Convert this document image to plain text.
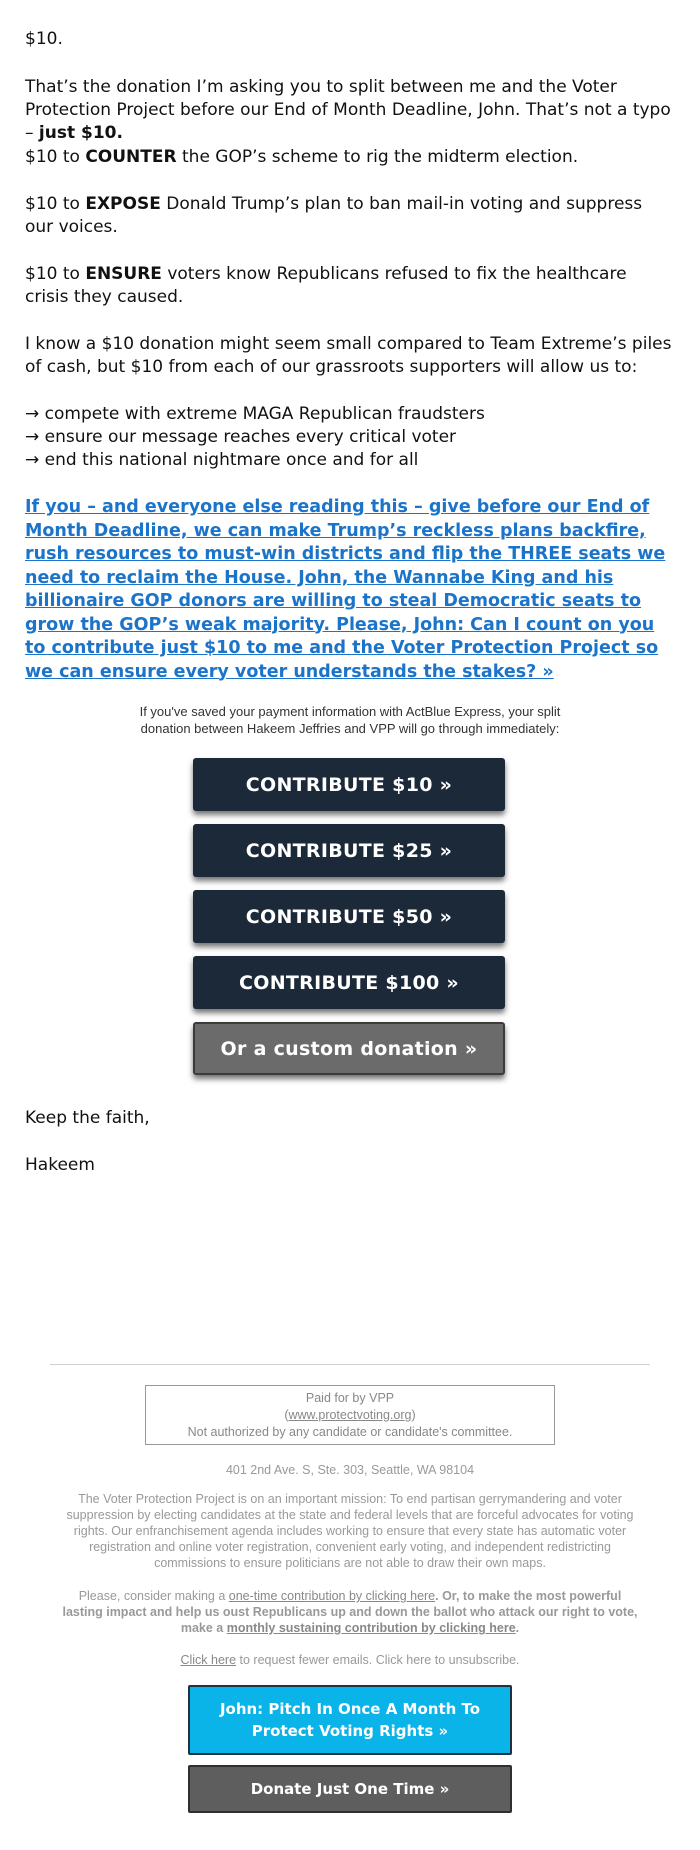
$10.

That’s the donation I’m asking you to split between me and the Voter Protection Project before our End of Month Deadline, John. That’s not a typo – just $10.

$10 to COUNTER the GOP’s scheme to rig the midterm election.

$10 to EXPOSE Donald Trump’s plan to ban mail-in voting and suppress our voices.

$10 to ENSURE voters know Republicans refused to fix the healthcare crisis they caused.

I know a $10 donation might seem small compared to Team Extreme’s piles of cash, but $10 from each of our grassroots supporters will allow us to:

→ compete with extreme MAGA Republican fraudsters
→ ensure our message reaches every critical voter
→ end this national nightmare once and for all
If you – and everyone else reading this – give before our End of Month Deadline, we can make Trump’s reckless plans backfire, rush resources to must-win districts and flip the THREE seats we need to reclaim the House. John, the Wannabe King and his billionaire GOP donors are willing to steal Democratic seats to grow the GOP’s weak majority. Please, John: Can I count on you to contribute just $10 to me and the Voter Protection Project so we can ensure every voter understands the stakes? »
If you've saved your payment information with ActBlue Express, your split donation between Hakeem Jeffries and VPP will go through immediately:
CONTRIBUTE $10 »
CONTRIBUTE $25 »
CONTRIBUTE $50 »
CONTRIBUTE $100 »
Or a custom donation »

Keep the faith,

Hakeem

Paid for by VPP
(www.protectvoting.org)
Not authorized by any candidate or candidate's committee.
401 2nd Ave. S, Ste. 303, Seattle, WA 98104
The Voter Protection Project is on an important mission: To end partisan gerrymandering and voter suppression by electing candidates at the state and federal levels that are forceful advocates for voting rights. Our enfranchisement agenda includes working to ensure that every state has automatic voter registration and online voter registration, convenient early voting, and independent redistricting commissions to ensure politicians are not able to draw their own maps.
Please, consider making a one-time contribution by clicking here. Or, to make the most powerful lasting impact and help us oust Republicans up and down the ballot who attack our right to vote, make a monthly sustaining contribution by clicking here.
Click here to request fewer emails. Click here to unsubscribe.
John: Pitch In Once A Month To Protect Voting Rights »
Donate Just One Time »
